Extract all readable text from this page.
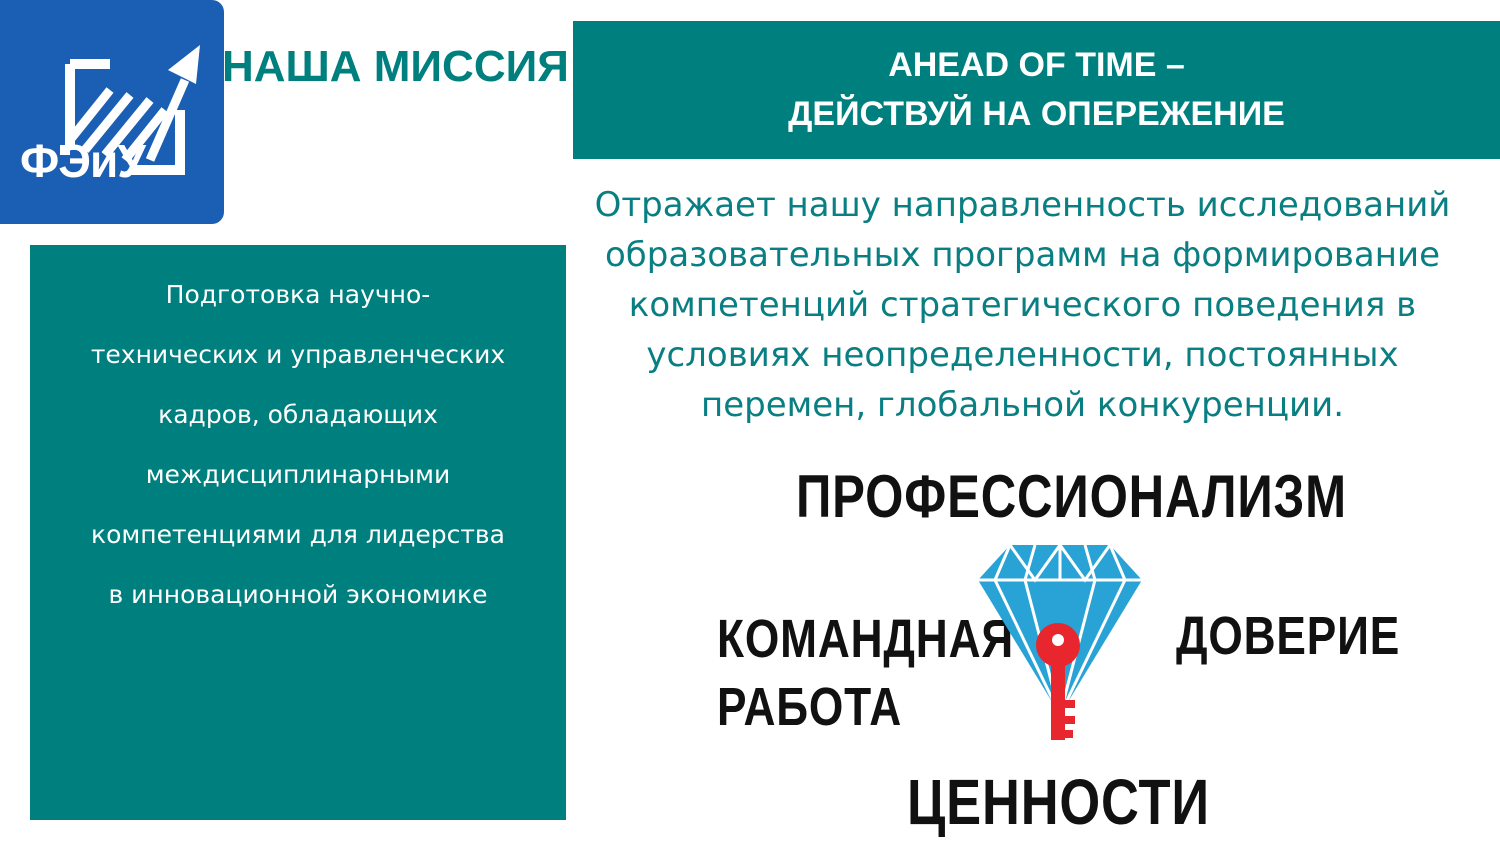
ФЭиУ
НАША МИССИЯ	AHEAD OF TIME –
ДЕЙСТВУЙ НА ОПЕРЕЖЕНИЕ
Подготовка научно-технических и управленческих кадров, обладающих междисциплинарными компетенциями для лидерства в инновационной экономике
Отражает нашу направленность исследований образовательных программ на формирование компетенций стратегического поведения в условиях неопределенности, постоянных перемен, глобальной конкуренции.
ПРОФЕССИОНАЛИЗМ
КОМАНДНАЯ
РАБОТА
ДОВЕРИЕ
ЦЕННОСТИ
